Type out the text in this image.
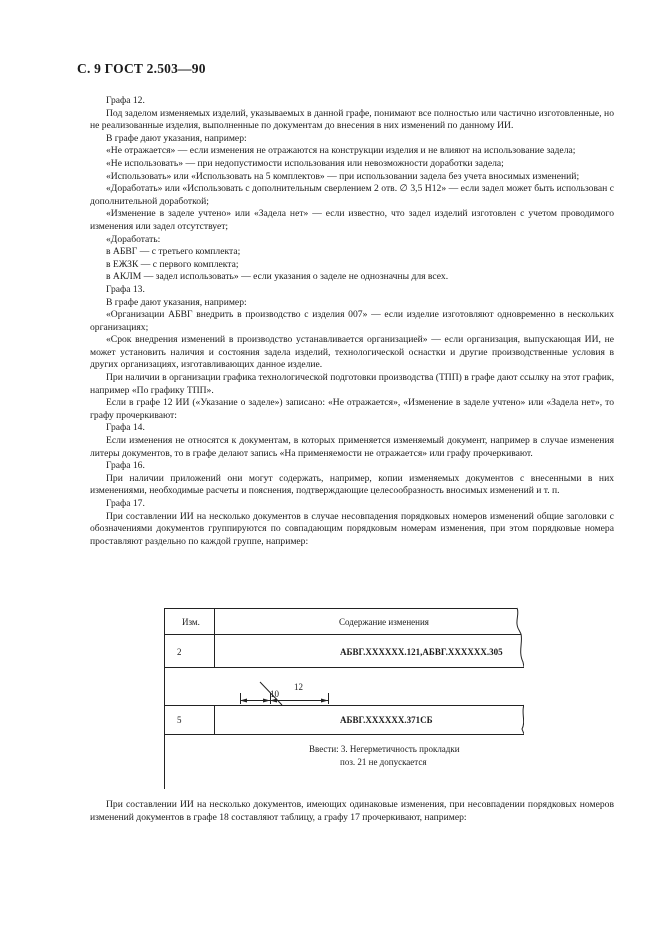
С. 9 ГОСТ 2.503—90

Графа 12.

Под заделом изменяемых изделий, указываемых в данной графе, понимают все полностью или частично изготовленные, но не реализованные изделия, выполненные по документам до внесения в них изменений по данному ИИ.

В графе дают указания, например:

«Не отражается» — если изменения не отражаются на конструкции изделия и не влияют на использование задела;

«Не использовать» — при недопустимости использования или невозможности доработки задела;

«Использовать» или «Использовать на 5 комплектов» — при использовании задела без учета вносимых изменений;

«Доработать» или «Использовать с дополнительным сверлением 2 отв. ∅ 3,5 Н12» — если задел может быть использован с дополнительной доработкой;

«Изменение в заделе учтено» или «Задела нет» — если известно, что задел изделий изготовлен с учетом проводимого изменения или задел отсутствует;

«Доработать:

в АБВГ — с третьего комплекта;

в ЕЖЗК — с первого комплекта;

в АКЛМ — задел использовать» — если указания о заделе не однозначны для всех.

Графа 13.

В графе дают указания, например:

«Организации АБВГ внедрить в производство с изделия 007» — если изделие изготовляют одновременно в нескольких организациях;

«Срок внедрения изменений в производство устанавливается организацией» — если организация, выпускающая ИИ, не может установить наличия и состояния задела изделий, технологической оснастки и другие производственные условия в других организациях, изготавливающих данное изделие.

При наличии в организации графика технологической подготовки производства (ТПП) в графе дают ссылку на этот график, например «По графику ТПП».

Если в графе 12 ИИ («Указание о заделе») записано: «Не отражается», «Изменение в заделе учтено» или «Задела нет», то графу прочеркивают:

Графа 14.

Если изменения не относятся к документам, в которых применяется изменяемый документ, например в случае изменения литеры документов, то в графе делают запись «На применяемости не отражается» или графу прочеркивают.

Графа 16.

При наличии приложений они могут содержать, например, копии изменяемых документов с внесенными в них изменениями, необходимые расчеты и пояснения, подтверждающие целесообразность вносимых изменений и т. п.

Графа 17.

При составлении ИИ на несколько документов в случае несовпадения порядковых номеров изменений общие заголовки с обозначениями документов группируются по совпадающим порядковым номерам изменения, при этом порядковые номера проставляют раздельно по каждой группе, например:

Изм.	Содержание изменения
2	АБВГ.XXXXXX.121,АБВГ.XXXXXX.305
10
12
5	АБВГ.XXXXXX.371СБ
Ввести: 3. Негерметичность прокладки
поз. 21 не допускается

При составлении ИИ на несколько документов, имеющих одинаковые изменения, при несовпадении порядковых номеров изменений документов в графе 18 составляют таблицу, а графу 17 прочеркивают, например:
